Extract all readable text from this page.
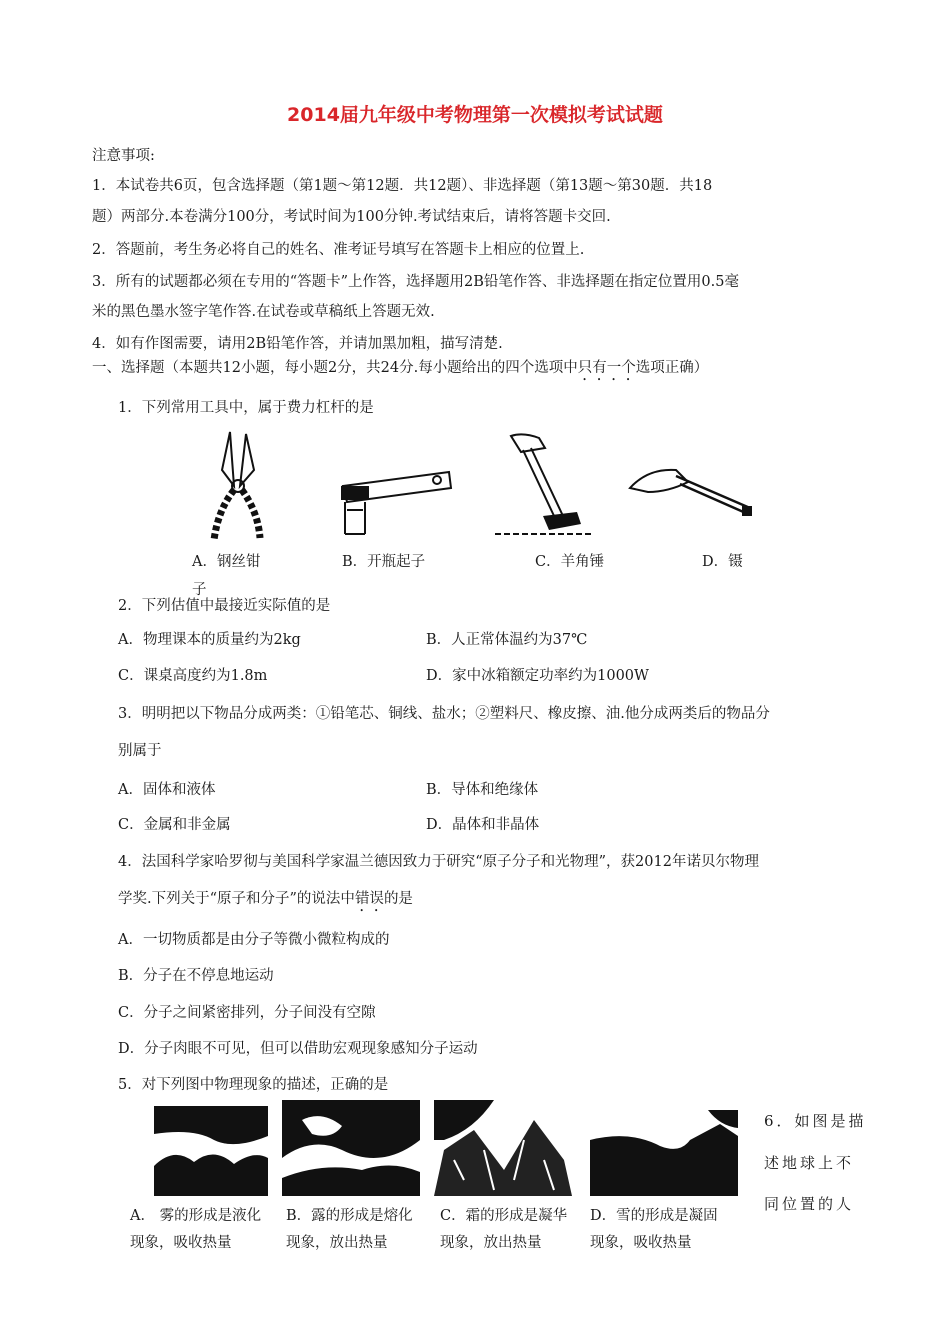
2014届九年级中考物理第一次模拟考试试题
注意事项:
1．本试卷共6页，包含选择题（第1题～第12题．共12题）、非选择题（第13题～第30题．共18
题）两部分.本卷满分100分，考试时间为100分钟.考试结束后，请将答题卡交回.
2．答题前，考生务必将自己的姓名、准考证号填写在答题卡上相应的位置上.
3．所有的试题都必须在专用的“答题卡”上作答，选择题用2B铅笔作答、非选择题在指定位置用0.5毫
米的黑色墨水签字笔作答.在试卷或草稿纸上答题无效.
4．如有作图需要，请用2B铅笔作答，并请加黑加粗，描写清楚.
一、选择题（本题共12小题，每小题2分，共24分.每小题给出的四个选项中只有一个选项正确）
1．下列常用工具中，属于费力杠杆的是
A．钢丝钳
子
B．开瓶起子	C．羊角锤	D．镊
2．下列估值中最接近实际值的是
A．物理课本的质量约为2kg	B．人正常体温约为37℃
C．课桌高度约为1.8m	D．家中冰箱额定功率约为1000W
3．明明把以下物品分成两类：①铅笔芯、铜线、盐水；②塑料尺、橡皮擦、油.他分成两类后的物品分
别属于
A．固体和液体	B．导体和绝缘体
C．金属和非金属	D．晶体和非晶体
4．法国科学家哈罗彻与美国科学家温兰德因致力于研究“原子分子和光物理”，获2012年诺贝尔物理
学奖.下列关于“原子和分子”的说法中错误的是
A．一切物质都是由分子等微小微粒构成的
B．分子在不停息地运动
C．分子之间紧密排列，分子间没有空隙
D．分子肉眼不可见，但可以借助宏观现象感知分子运动
5．对下列图中物理现象的描述，正确的是
A． 雾的形成是液化
现象，吸收热量
B．露的形成是熔化
现象，放出热量
C．霜的形成是凝华
现象，放出热量
D．雪的形成是凝固
现象，吸收热量
6．如图是描
述地球上不
同位置的人
